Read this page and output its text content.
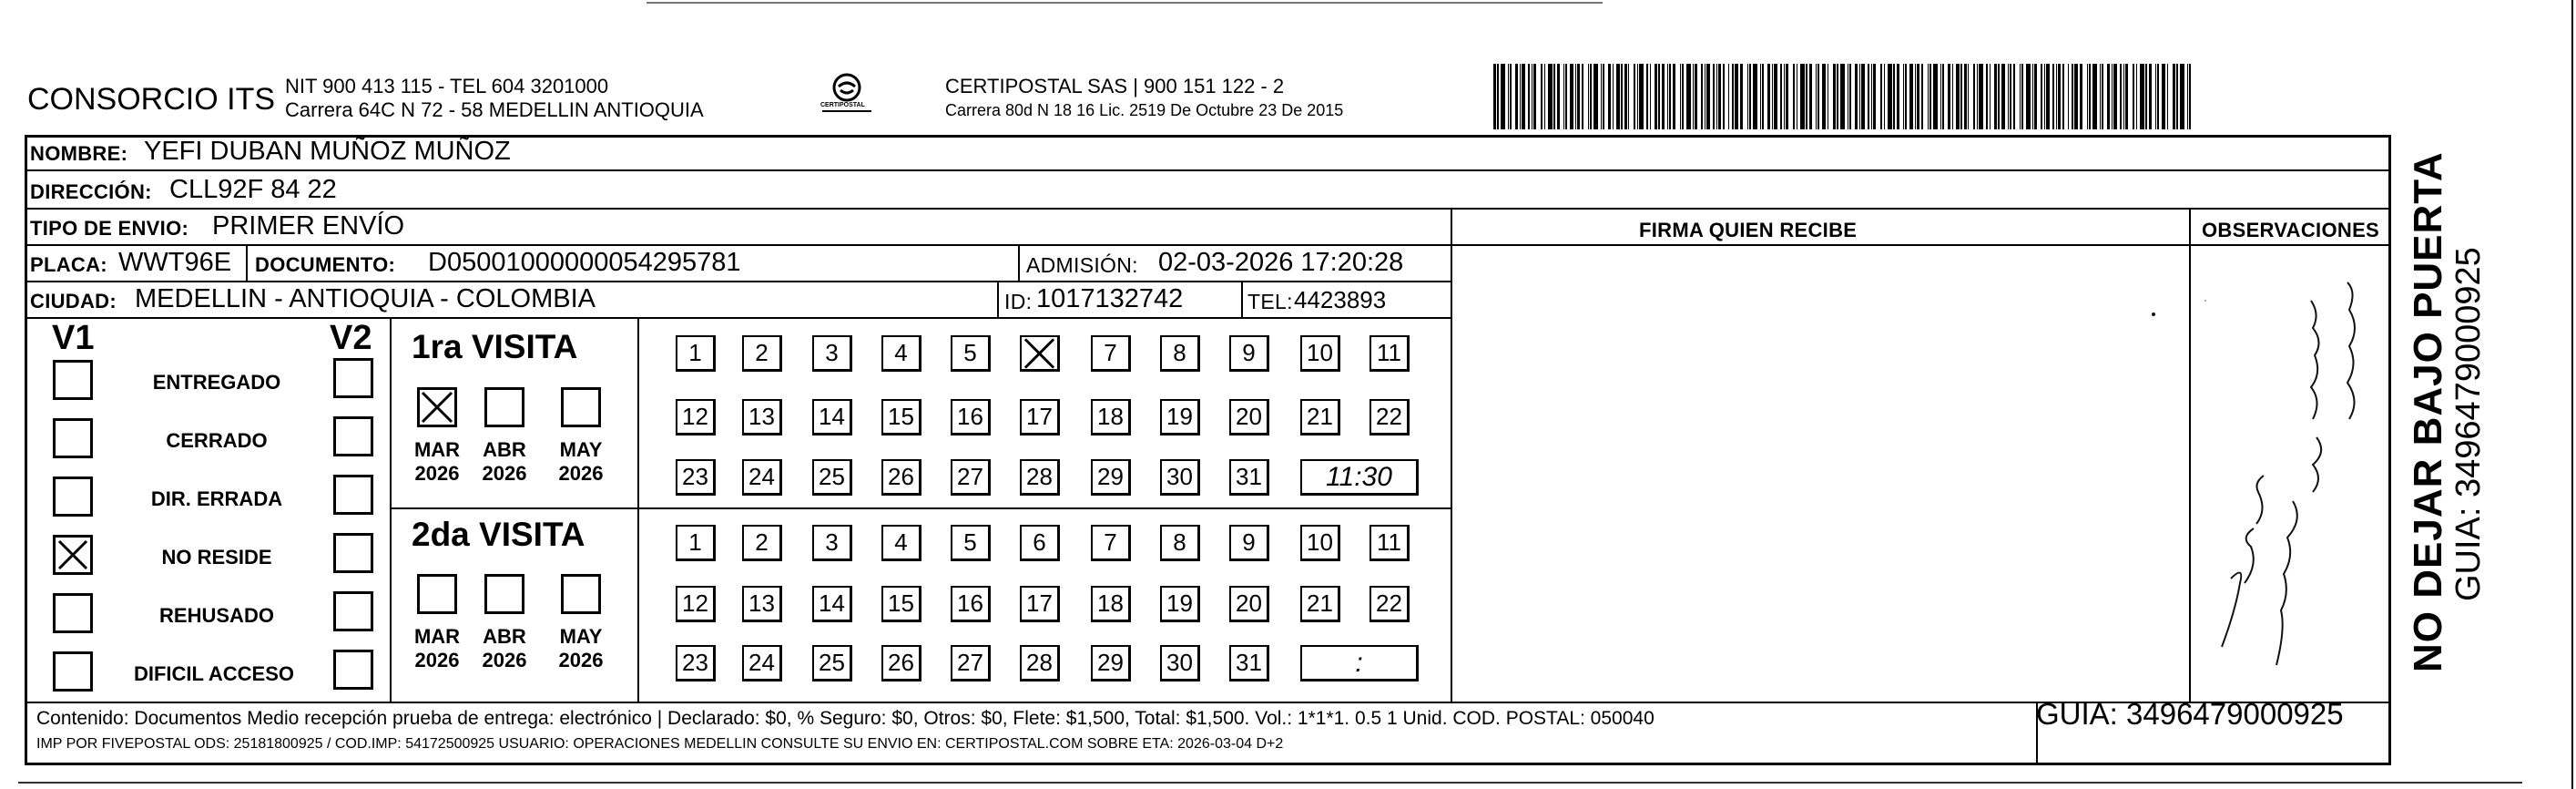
CONSORCIO ITS NIT 900 413 115 - TEL 604 3201000
Carrera 64C N 72 - 58 MEDELLIN ANTIOQUIA	CERTIPOSTAL
CERTIPOSTAL SAS | 900 151 122 - 2
Carrera 80d N 18 16 Lic. 2519 De Octubre 23 De 2015
NOMBRE: YEFI DUBAN MUÑOZ MUÑOZ
DIRECCIÓN: CLL92F 84 22
TIPO DE ENVIO: PRIMER ENVÍO
PLACA: WWT96E DOCUMENTO: D05001000000054295781	ADMISIÓN: 02-03-2026 17:20:28
FIRMA QUIEN RECIBE	OBSERVACIONES
CIUDAD: MEDELLIN - ANTIOQUIA - COLOMBIA	ID: 1017132742	TEL: 4423893
V1	V2
ENTREGADO
CERRADO
DIR. ERRADA
NO RESIDE
REHUSADO
DIFICIL ACCESO
1ra VISITA
2da VISITA
MAR
2026
ABR
2026
MAY
2026
MAR
2026
ABR
2026
MAY
2026
1	2	3	4	5	7	8	9	10	11
12	13	14	15	16	17	18	19	20	21	22
23	24	25	26	27	28	29	30	31	11:30
1	2	3	4	5	6	7	8	9	10	11
12	13	14	15	16	17	18	19	20	21	22
23	24	25	26	27	28	29	30	31	:
Contenido: Documentos Medio recepción prueba de entrega: electrónico | Declarado: $0, % Seguro: $0, Otros: $0, Flete: $1,500, Total: $1,500. Vol.: 1*1*1. 0.5 1 Unid. COD. POSTAL: 050040
IMP POR FIVEPOSTAL ODS: 25181800925 / COD.IMP: 54172500925 USUARIO: OPERACIONES MEDELLIN CONSULTE SU ENVIO EN: CERTIPOSTAL.COM SOBRE ETA: 2026-03-04 D+2
GUIA: 3496479000925
NO DEJAR BAJO PUERTA GUIA: 3496479000925
